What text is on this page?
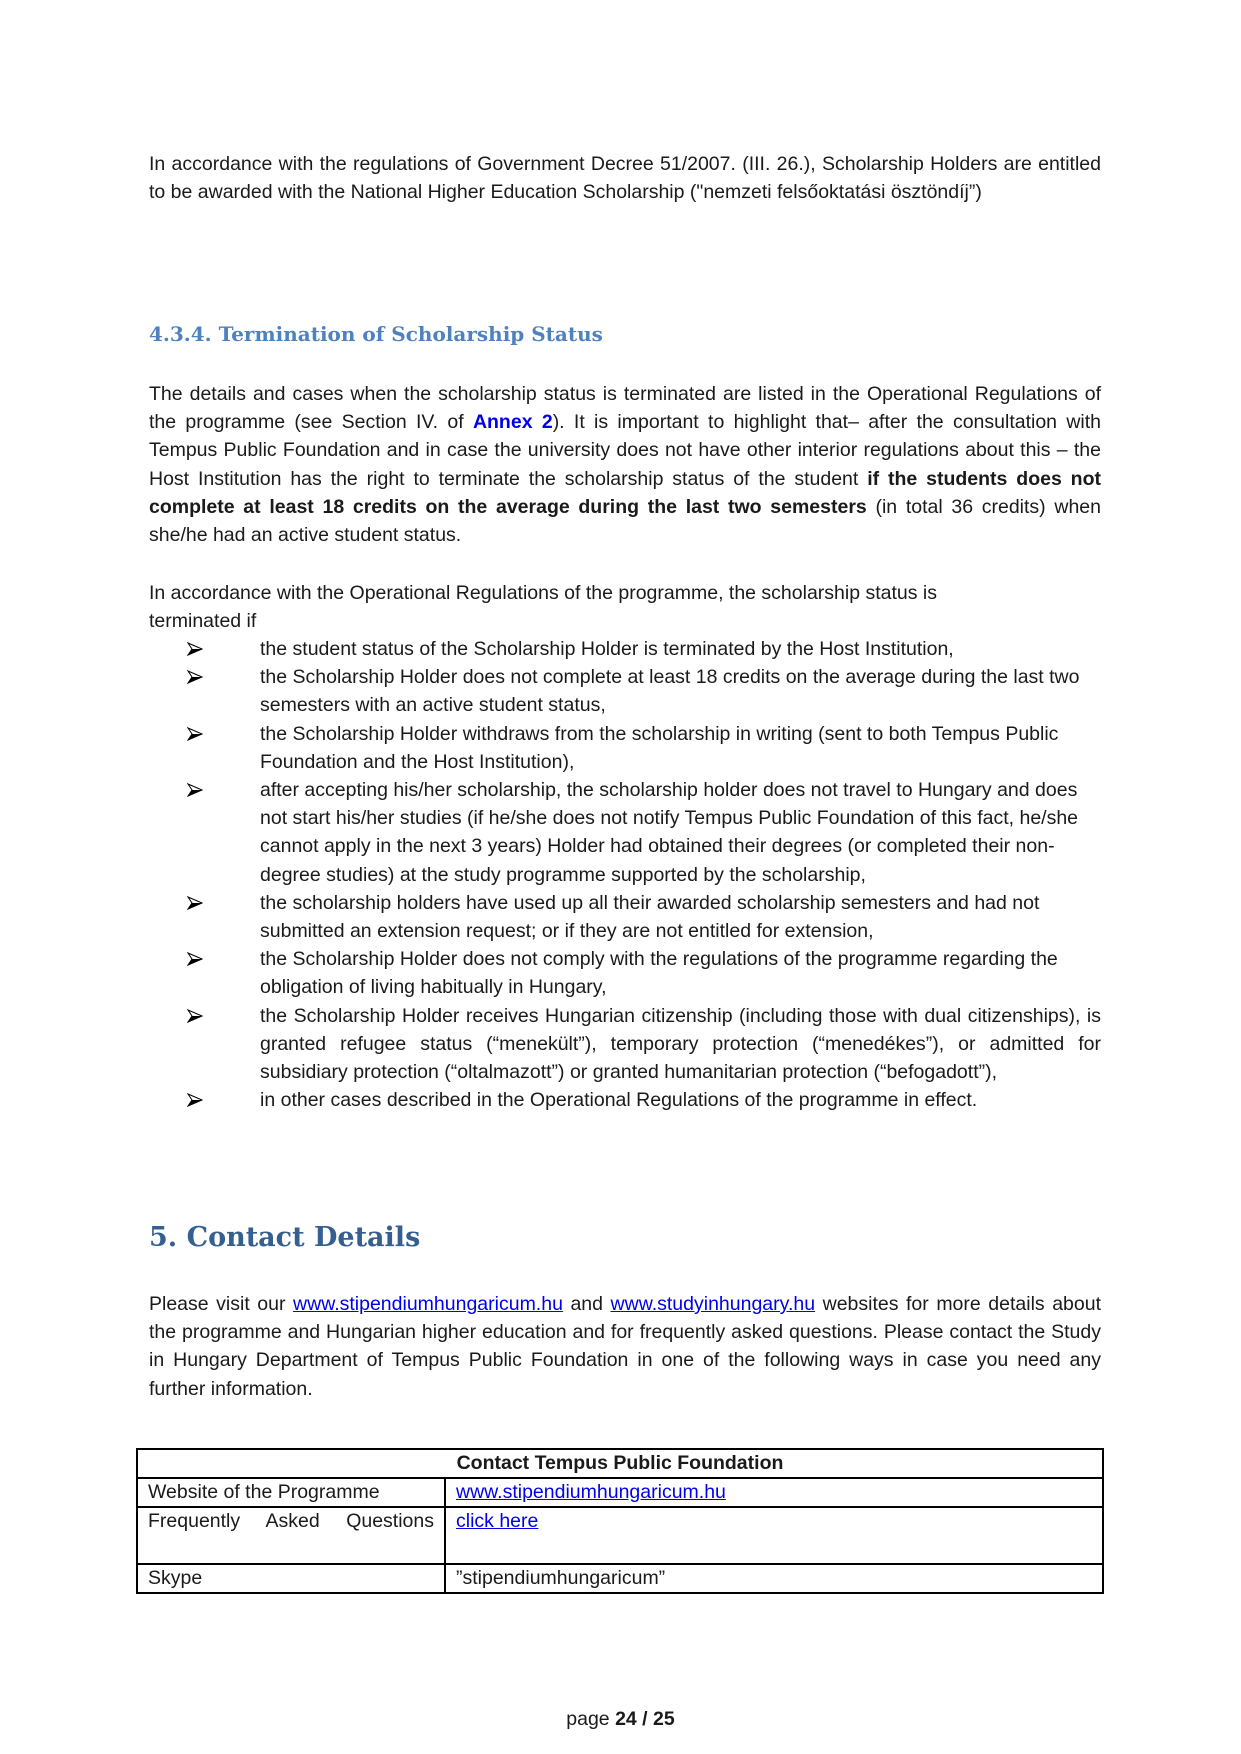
In accordance with the regulations of Government Decree 51/2007. (III. 26.), Scholarship Holders are entitled to be awarded with the National Higher Education Scholarship ("nemzeti felsőoktatási ösztöndíj”)

4.3.4. Termination of Scholarship Status

The details and cases when the scholarship status is terminated are listed in the Operational Regulations of the programme (see Section IV. of Annex 2). It is important to highlight that– after the consultation with Tempus Public Foundation and in case the university does not have other interior regulations about this – the Host Institution has the right to terminate the scholarship status of the student if the students does not complete at least 18 credits on the average during the last two semesters (in total 36 credits) when she/he had an active student status.

In accordance with the Operational Regulations of the programme, the scholarship status is
terminated if
the student status of the Scholarship Holder is terminated by the Host Institution,
the Scholarship Holder does not complete at least 18 credits on the average during the last two semesters with an active student status,
the Scholarship Holder withdraws from the scholarship in writing (sent to both Tempus Public Foundation and the Host Institution),
after accepting his/her scholarship, the scholarship holder does not travel to Hungary and does not start his/her studies (if he/she does not notify Tempus Public Foundation of this fact, he/she cannot apply in the next 3 years) Holder had obtained their degrees (or completed their non-degree studies) at the study programme supported by the scholarship,
the scholarship holders have used up all their awarded scholarship semesters and had not submitted an extension request; or if they are not entitled for extension,
the Scholarship Holder does not comply with the regulations of the programme regarding the obligation of living habitually in Hungary,
the Scholarship Holder receives Hungarian citizenship (including those with dual citizenships), is granted refugee status (“menekült”), temporary protection (“menedékes”), or admitted for subsidiary protection (“oltalmazott”) or granted humanitarian protection (“befogadott”),
in other cases described in the Operational Regulations of the programme in effect.
5. Contact Details

Please visit our www.stipendiumhungaricum.hu and www.studyinhungary.hu websites for more details about the programme and Hungarian higher education and for frequently asked questions. Please contact the Study in Hungary Department of Tempus Public Foundation in one of the following ways in case you need any further information.

Contact Tempus Public Foundation	
Website of the Programme	www.stipendiumhungaricum.hu
Frequently Asked Questions	click here
Skype	”stipendiumhungaricum”
page 24 / 25
